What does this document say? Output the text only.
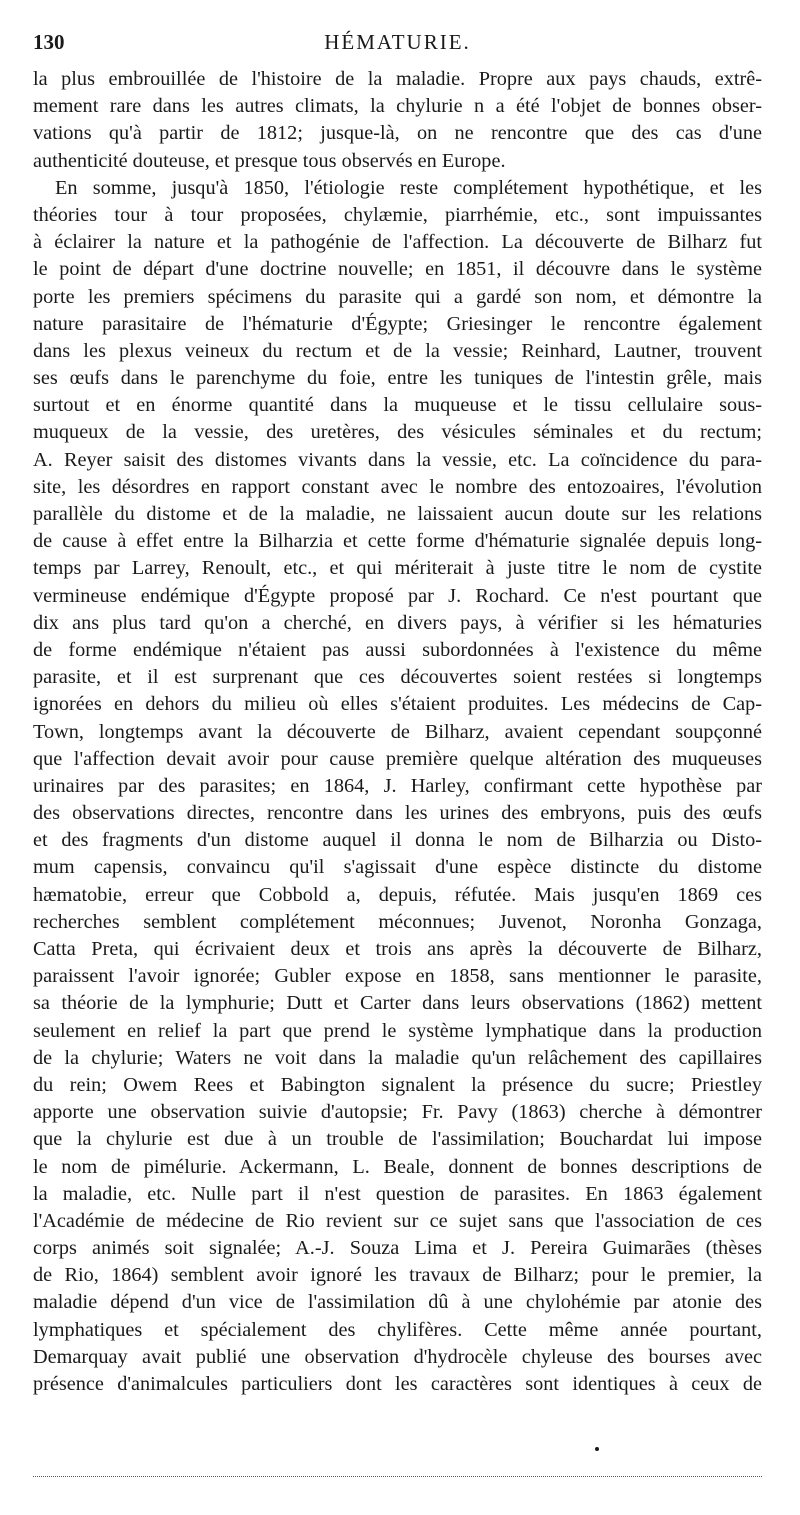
130	HÉMATURIE.
la plus embrouillée de l'histoire de la maladie. Propre aux pays chauds, extrê-
mement rare dans les autres climats, la chylurie n a été l'objet de bonnes obser-
vations qu'à partir de 1812; jusque-là, on ne rencontre que des cas d'une
authenticité douteuse, et presque tous observés en Europe.
En somme, jusqu'à 1850, l'étiologie reste complétement hypothétique, et les
théories tour à tour proposées, chylæmie, piarrhémie, etc., sont impuissantes
à éclairer la nature et la pathogénie de l'affection. La découverte de Bilharz fut
le point de départ d'une doctrine nouvelle; en 1851, il découvre dans le système
porte les premiers spécimens du parasite qui a gardé son nom, et démontre la
nature parasitaire de l'hématurie d'Égypte; Griesinger le rencontre également
dans les plexus veineux du rectum et de la vessie; Reinhard, Lautner, trouvent
ses œufs dans le parenchyme du foie, entre les tuniques de l'intestin grêle, mais
surtout et en énorme quantité dans la muqueuse et le tissu cellulaire sous-
muqueux de la vessie, des uretères, des vésicules séminales et du rectum;
A. Reyer saisit des distomes vivants dans la vessie, etc. La coïncidence du para-
site, les désordres en rapport constant avec le nombre des entozoaires, l'évolution
parallèle du distome et de la maladie, ne laissaient aucun doute sur les relations
de cause à effet entre la Bilharzia et cette forme d'hématurie signalée depuis long-
temps par Larrey, Renoult, etc., et qui mériterait à juste titre le nom de cystite
vermineuse endémique d'Égypte proposé par J. Rochard. Ce n'est pourtant que
dix ans plus tard qu'on a cherché, en divers pays, à vérifier si les hématuries
de forme endémique n'étaient pas aussi subordonnées à l'existence du même
parasite, et il est surprenant que ces découvertes soient restées si longtemps
ignorées en dehors du milieu où elles s'étaient produites. Les médecins de Cap-
Town, longtemps avant la découverte de Bilharz, avaient cependant soupçonné
que l'affection devait avoir pour cause première quelque altération des muqueuses
urinaires par des parasites; en 1864, J. Harley, confirmant cette hypothèse par
des observations directes, rencontre dans les urines des embryons, puis des œufs
et des fragments d'un distome auquel il donna le nom de Bilharzia ou Disto-
mum capensis, convaincu qu'il s'agissait d'une espèce distincte du distome
hæmatobie, erreur que Cobbold a, depuis, réfutée. Mais jusqu'en 1869 ces
recherches semblent complétement méconnues; Juvenot, Noronha Gonzaga,
Catta Preta, qui écrivaient deux et trois ans après la découverte de Bilharz,
paraissent l'avoir ignorée; Gubler expose en 1858, sans mentionner le parasite,
sa théorie de la lymphurie; Dutt et Carter dans leurs observations (1862) mettent
seulement en relief la part que prend le système lymphatique dans la production
de la chylurie; Waters ne voit dans la maladie qu'un relâchement des capillaires
du rein; Owem Rees et Babington signalent la présence du sucre; Priestley
apporte une observation suivie d'autopsie; Fr. Pavy (1863) cherche à démontrer
que la chylurie est due à un trouble de l'assimilation; Bouchardat lui impose
le nom de pimélurie. Ackermann, L. Beale, donnent de bonnes descriptions de
la maladie, etc. Nulle part il n'est question de parasites. En 1863 également
l'Académie de médecine de Rio revient sur ce sujet sans que l'association de ces
corps animés soit signalée; A.-J. Souza Lima et J. Pereira Guimarães (thèses
de Rio, 1864) semblent avoir ignoré les travaux de Bilharz; pour le premier, la
maladie dépend d'un vice de l'assimilation dû à une chylohémie par atonie des
lymphatiques et spécialement des chylifères. Cette même année pourtant,
Demarquay avait publié une observation d'hydrocèle chyleuse des bourses avec
présence d'animalcules particuliers dont les caractères sont identiques à ceux de
